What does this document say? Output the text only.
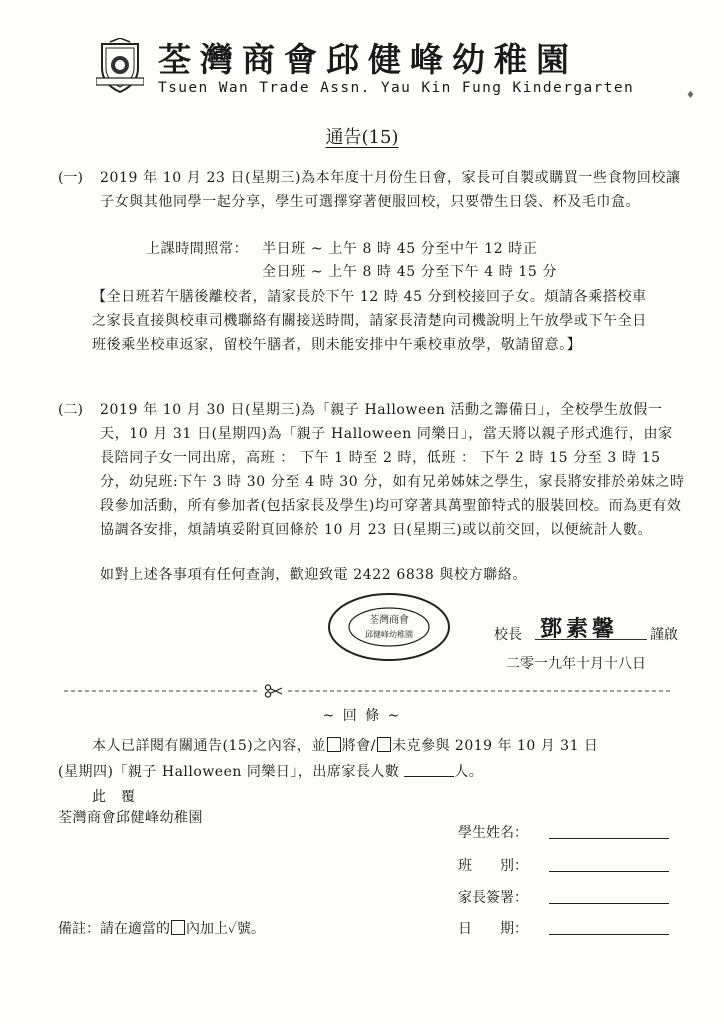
荃灣商會邱健峰幼稚園
Tsuen Wan Trade Assn. Yau Kin Fung Kindergarten	♦
通告(15)
(一) 2019 年 10 月 23 日(星期三)為本年度十月份生日會，家長可自製或購買一些食物回校讓子女與其他同學一起分享，學生可選擇穿著便服回校，只要帶生日袋、杯及毛巾盒。
上課時間照常： 半日班 ~ 上午 8 時 45 分至中午 12 時正
全日班 ~ 上午 8 時 45 分至下午 4 時 15 分
【全日班若午膳後離校者，請家長於下午 12 時 45 分到校接回子女。煩請各乘搭校車之家長直接與校車司機聯絡有關接送時間，請家長清楚向司機說明上午放學或下午全日班後乘坐校車返家，留校午膳者，則未能安排中午乘校車放學，敬請留意。】
(二) 2019 年 10 月 30 日(星期三)為「親子 Halloween 活動之籌備日」，全校學生放假一天，10 月 31 日(星期四)為「親子 Halloween 同樂日」，當天將以親子形式進行，由家長陪同子女一同出席，高班 ： 下午 1 時至 2 時，低班 ： 下午 2 時 15 分至 3 時 15 分，幼兒班:下午 3 時 30 分至 4 時 30 分，如有兄弟姊妹之學生，家長將安排於弟妹之時段參加活動，所有參加者(包括家長及學生)均可穿著具萬聖節特式的服裝回校。而為更有效協調各安排，煩請填妥附頁回條於 10 月 23 日(星期三)或以前交回，以便統計人數。
如對上述各事項有任何查詢，歡迎致電 2422 6838 與校方聯絡。
荃灣商會
邱健峰幼稚園	校長 鄧素馨 謹啟
二零一九年十月十八日
~ 回 條 ~
本人已詳閱有關通告(15)之內容，並 將會/ 未克參與 2019 年 10 月 31 日
(星期四)「親子 Halloween 同樂日」，出席家長人數	人。
此　覆
荃灣商會邱健峰幼稚園
學生姓名：
班　　別：
家長簽署：
日　　期：
備註：請在適當的 內加上✓號。
